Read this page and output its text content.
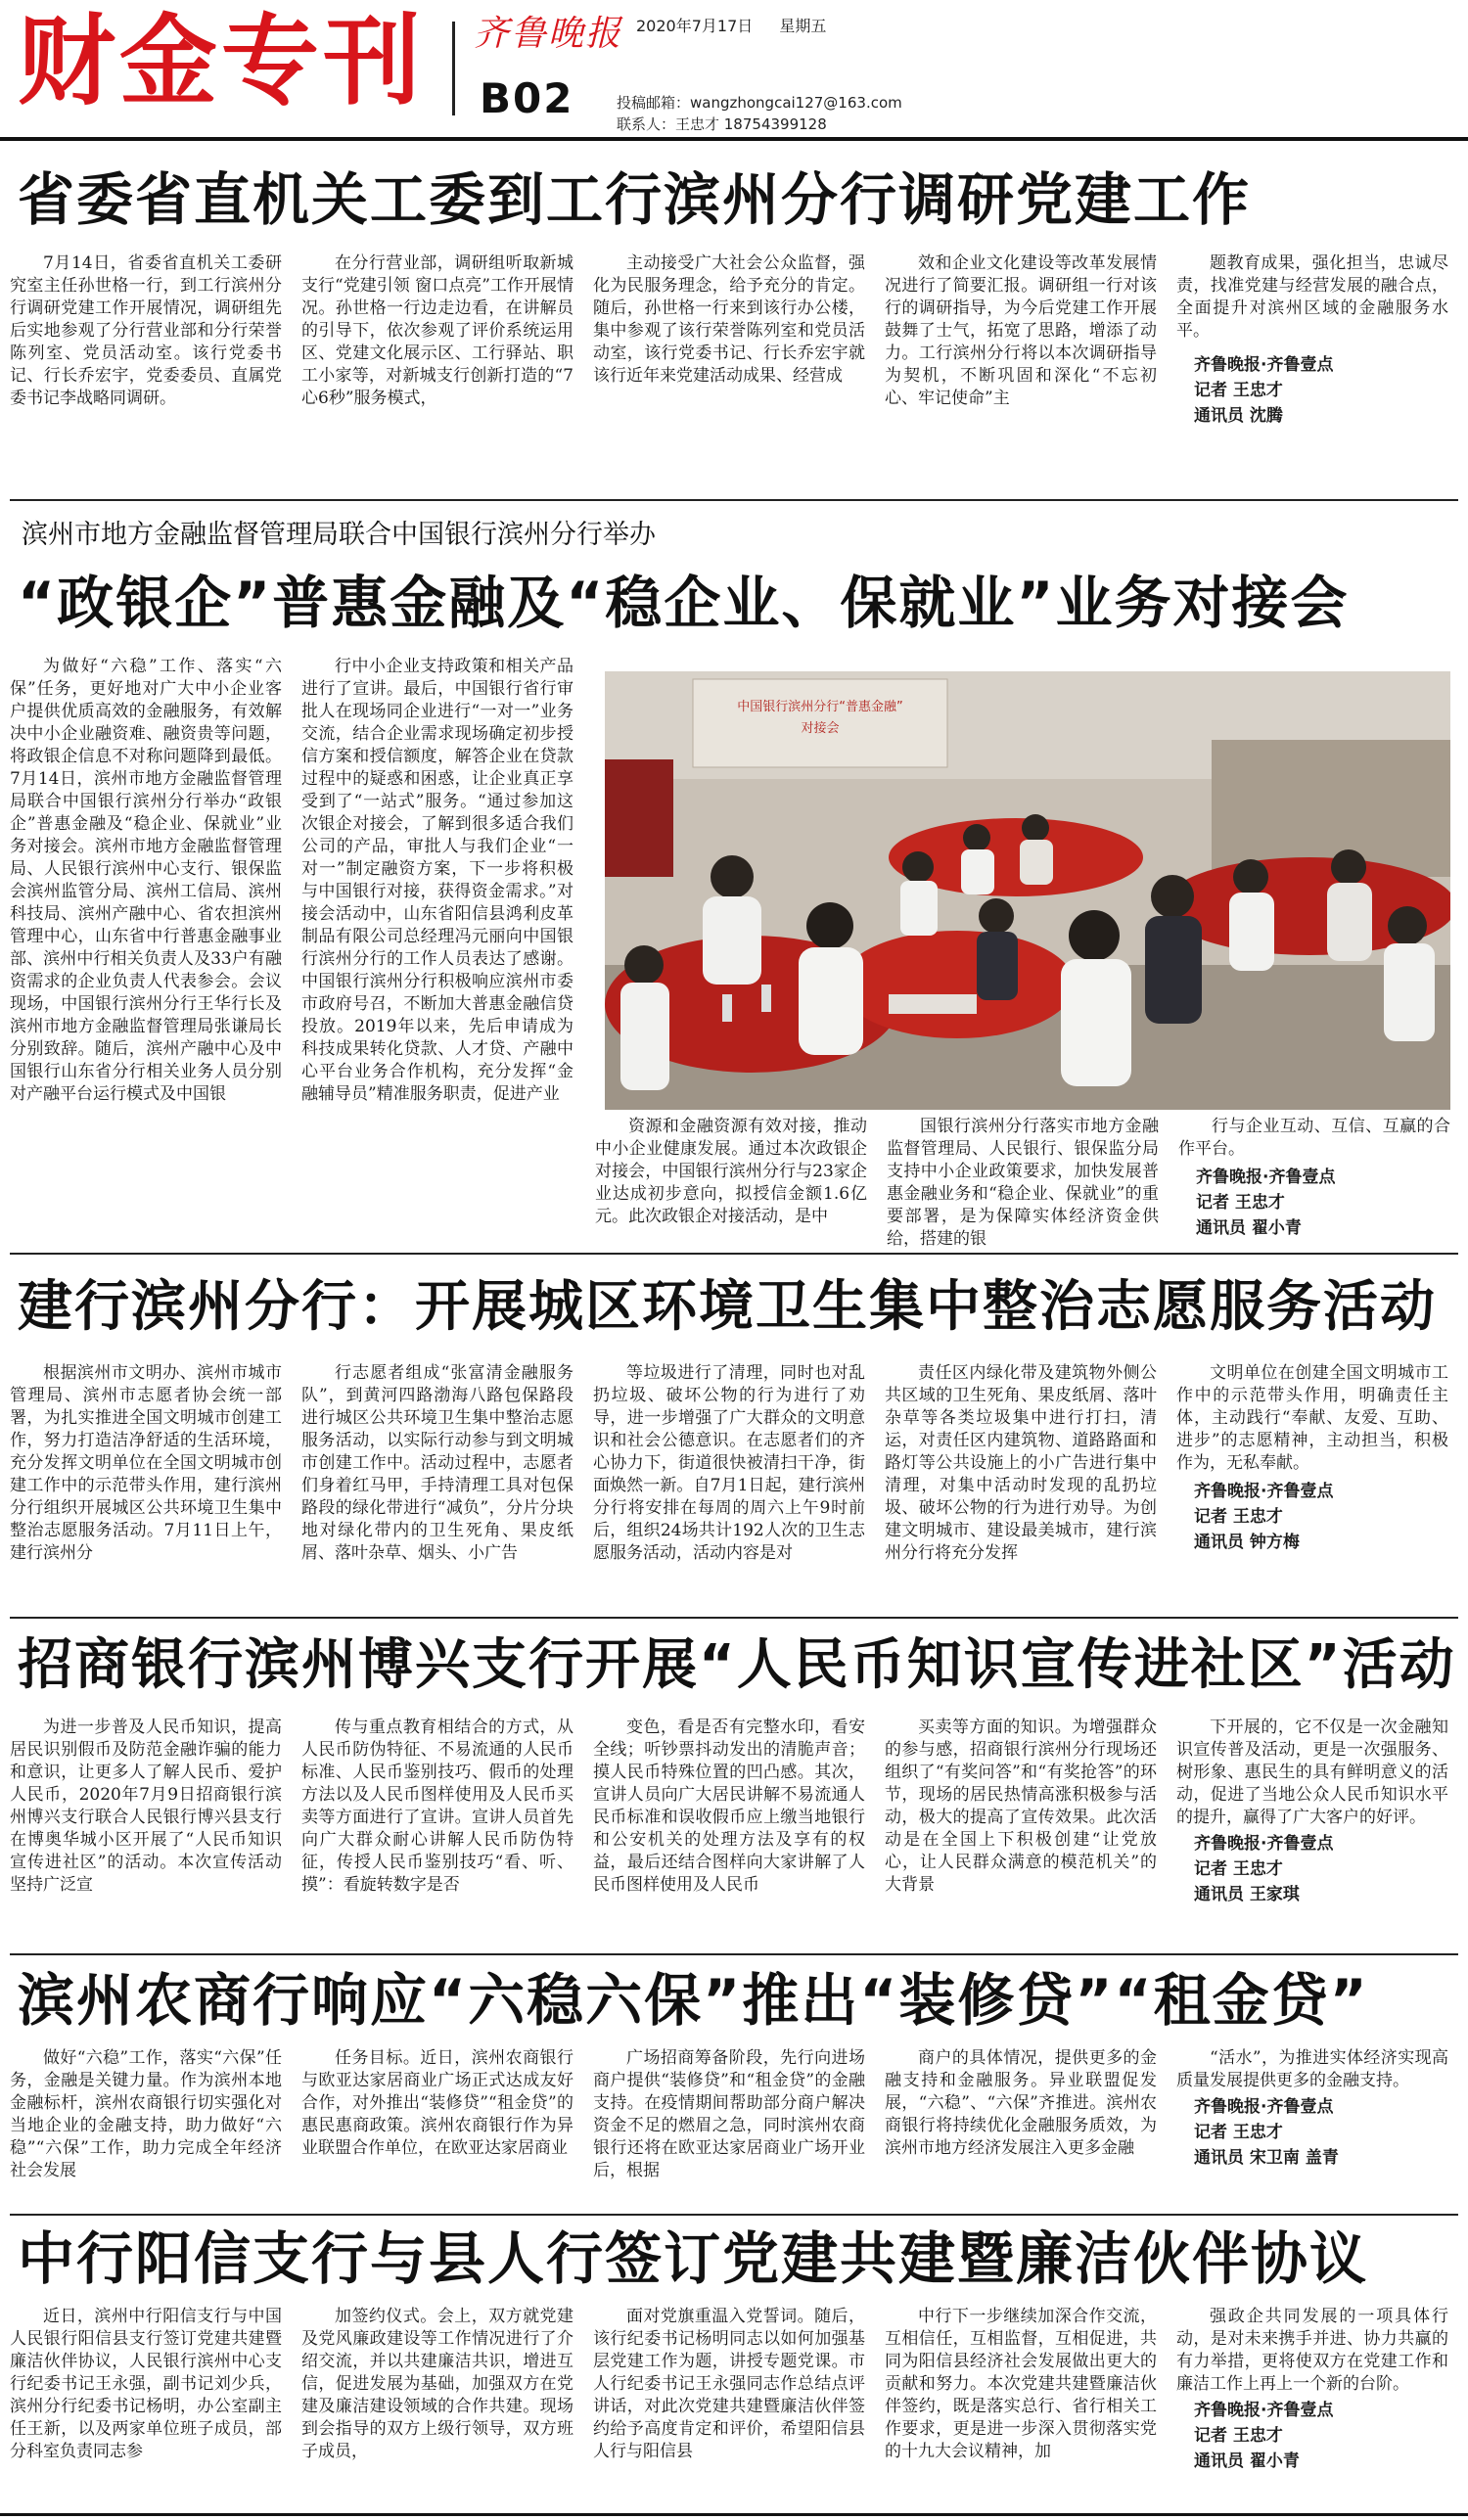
财金专刊 齐鲁晚报
B02
2020年7月17日 星期五
投稿邮箱：wangzhongcai127@163.com
联系人：王忠才 18754399128
省委省直机关工委到工行滨州分行调研党建工作

7月14日，省委省直机关工委研究室主任孙世格一行，到工行滨州分行调研党建工作开展情况，调研组先后实地参观了分行营业部和分行荣誉陈列室、党员活动室。该行党委书记、行长乔宏宇，党委委员、直属党委书记李战略同调研。

在分行营业部，调研组听取新城支行“党建引领 窗口点亮”工作开展情况。孙世格一行边走边看，在讲解员的引导下，依次参观了评价系统运用区、党建文化展示区、工行驿站、职工小家等，对新城支行创新打造的“7心6秒”服务模式，

主动接受广大社会公众监督，强化为民服务理念，给予充分的肯定。随后，孙世格一行来到该行办公楼，集中参观了该行荣誉陈列室和党员活动室，该行党委书记、行长乔宏宇就该行近年来党建活动成果、经营成

效和企业文化建设等改革发展情况进行了简要汇报。调研组一行对该行的调研指导，为今后党建工作开展鼓舞了士气，拓宽了思路，增添了动力。工行滨州分行将以本次调研指导为契机，不断巩固和深化“不忘初心、牢记使命”主

题教育成果，强化担当，忠诚尽责，找准党建与经营发展的融合点，全面提升对滨州区域的金融服务水平。

齐鲁晚报·齐鲁壹点
记者 王忠才
通讯员 沈腾
滨州市地方金融监督管理局联合中国银行滨州分行举办
“政银企”普惠金融及“稳企业、保就业”业务对接会

为做好“六稳”工作、落实“六保”任务，更好地对广大中小企业客户提供优质高效的金融服务，有效解决中小企业融资难、融资贵等问题，将政银企信息不对称问题降到最低。7月14日，滨州市地方金融监督管理局联合中国银行滨州分行举办“政银企”普惠金融及“稳企业、保就业”业务对接会。滨州市地方金融监督管理局、人民银行滨州中心支行、银保监会滨州监管分局、滨州工信局、滨州科技局、滨州产融中心、省农担滨州管理中心，山东省中行普惠金融事业部、滨州中行相关负责人及33户有融资需求的企业负责人代表参会。会议现场，中国银行滨州分行王华行长及滨州市地方金融监督管理局张谦局长分别致辞。随后，滨州产融中心及中国银行山东省分行相关业务人员分别对产融平台运行模式及中国银

行中小企业支持政策和相关产品进行了宣讲。最后，中国银行省行审批人在现场同企业进行“一对一”业务交流，结合企业需求现场确定初步授信方案和授信额度，解答企业在贷款过程中的疑惑和困惑，让企业真正享受到了“一站式”服务。“通过参加这次银企对接会，了解到很多适合我们公司的产品，审批人与我们企业“一对一”制定融资方案，下一步将积极与中国银行对接，获得资金需求。”对接会活动中，山东省阳信县鸿利皮革制品有限公司总经理冯元丽向中国银行滨州分行的工作人员表达了感谢。中国银行滨州分行积极响应滨州市委市政府号召，不断加大普惠金融信贷投放。2019年以来，先后申请成为科技成果转化贷款、人才贷、产融中心平台业务合作机构，充分发挥“金融辅导员”精准服务职责，促进产业

中国银行滨州分行“普惠金融”
对接会

资源和金融资源有效对接，推动中小企业健康发展。通过本次政银企对接会，中国银行滨州分行与23家企业达成初步意向，拟授信金额1.6亿元。此次政银企对接活动，是中

国银行滨州分行落实市地方金融监督管理局、人民银行、银保监分局支持中小企业政策要求，加快发展普惠金融业务和“稳企业、保就业”的重要部署，是为保障实体经济资金供给，搭建的银

行与企业互动、互信、互赢的合作平台。

齐鲁晚报·齐鲁壹点
记者 王忠才
通讯员 翟小青
建行滨州分行：开展城区环境卫生集中整治志愿服务活动

根据滨州市文明办、滨州市城市管理局、滨州市志愿者协会统一部署，为扎实推进全国文明城市创建工作，努力打造洁净舒适的生活环境，充分发挥文明单位在全国文明城市创建工作中的示范带头作用，建行滨州分行组织开展城区公共环境卫生集中整治志愿服务活动。7月11日上午，建行滨州分

行志愿者组成“张富清金融服务队”，到黄河四路渤海八路包保路段进行城区公共环境卫生集中整治志愿服务活动，以实际行动参与到文明城市创建工作中。活动过程中，志愿者们身着红马甲，手持清理工具对包保路段的绿化带进行“减负”，分片分块地对绿化带内的卫生死角、果皮纸屑、落叶杂草、烟头、小广告

等垃圾进行了清理，同时也对乱扔垃圾、破坏公物的行为进行了劝导，进一步增强了广大群众的文明意识和社会公德意识。在志愿者们的齐心协力下，街道很快被清扫干净，街面焕然一新。自7月1日起，建行滨州分行将安排在每周的周六上午9时前后，组织24场共计192人次的卫生志愿服务活动，活动内容是对

责任区内绿化带及建筑物外侧公共区域的卫生死角、果皮纸屑、落叶杂草等各类垃圾集中进行打扫，清运，对责任区内建筑物、道路路面和路灯等公共设施上的小广告进行集中清理，对集中活动时发现的乱扔垃圾、破坏公物的行为进行劝导。为创建文明城市、建设最美城市，建行滨州分行将充分发挥

文明单位在创建全国文明城市工作中的示范带头作用，明确责任主体，主动践行“奉献、友爱、互助、进步”的志愿精神，主动担当，积极作为，无私奉献。

齐鲁晚报·齐鲁壹点
记者 王忠才
通讯员 钟方梅
招商银行滨州博兴支行开展“人民币知识宣传进社区”活动

为进一步普及人民币知识，提高居民识别假币及防范金融诈骗的能力和意识，让更多人了解人民币、爱护人民币，2020年7月9日招商银行滨州博兴支行联合人民银行博兴县支行在博奥华城小区开展了“人民币知识宣传进社区”的活动。本次宣传活动坚持广泛宣

传与重点教育相结合的方式，从人民币防伪特征、不易流通的人民币标准、人民币鉴别技巧、假币的处理方法以及人民币图样使用及人民币买卖等方面进行了宣讲。宣讲人员首先向广大群众耐心讲解人民币防伪特征，传授人民币鉴别技巧“看、听、摸”：看旋转数字是否

变色，看是否有完整水印，看安全线；听钞票抖动发出的清脆声音；摸人民币特殊位置的凹凸感。其次，宣讲人员向广大居民讲解不易流通人民币标准和误收假币应上缴当地银行和公安机关的处理方法及享有的权益，最后还结合图样向大家讲解了人民币图样使用及人民币

买卖等方面的知识。为增强群众的参与感，招商银行滨州分行现场还组织了“有奖问答”和“有奖抢答”的环节，现场的居民热情高涨积极参与活动，极大的提高了宣传效果。此次活动是在全国上下积极创建“让党放心，让人民群众满意的模范机关”的大背景

下开展的，它不仅是一次金融知识宣传普及活动，更是一次强服务、树形象、惠民生的具有鲜明意义的活动，促进了当地公众人民币知识水平的提升，赢得了广大客户的好评。

齐鲁晚报·齐鲁壹点
记者 王忠才
通讯员 王家琪
滨州农商行响应“六稳六保”推出“装修贷”“租金贷”

做好“六稳”工作，落实“六保”任务，金融是关键力量。作为滨州本地金融标杆，滨州农商银行切实强化对当地企业的金融支持，助力做好“六稳”“六保”工作，助力完成全年经济社会发展

任务目标。近日，滨州农商银行与欧亚达家居商业广场正式达成友好合作，对外推出“装修贷”“租金贷”的惠民惠商政策。滨州农商银行作为异业联盟合作单位，在欧亚达家居商业

广场招商筹备阶段，先行向进场商户提供“装修贷”和“租金贷”的金融支持。在疫情期间帮助部分商户解决资金不足的燃眉之急，同时滨州农商银行还将在欧亚达家居商业广场开业后，根据

商户的具体情况，提供更多的金融支持和金融服务。异业联盟促发展，“六稳”、“六保”齐推进。滨州农商银行将持续优化金融服务质效，为滨州市地方经济发展注入更多金融

“活水”，为推进实体经济实现高质量发展提供更多的金融支持。

齐鲁晚报·齐鲁壹点
记者 王忠才
通讯员 宋卫南 盖青
中行阳信支行与县人行签订党建共建暨廉洁伙伴协议

近日，滨州中行阳信支行与中国人民银行阳信县支行签订党建共建暨廉洁伙伴协议，人民银行滨州中心支行纪委书记王永强，副书记刘少兵，滨州分行纪委书记杨明，办公室副主任王新，以及两家单位班子成员，部分科室负责同志参

加签约仪式。会上，双方就党建及党风廉政建设等工作情况进行了介绍交流，并以共建廉洁共识，增进互信，促进发展为基础，加强双方在党建及廉洁建设领域的合作共建。现场到会指导的双方上级行领导，双方班子成员，

面对党旗重温入党誓词。随后，该行纪委书记杨明同志以如何加强基层党建工作为题，讲授专题党课。市人行纪委书记王永强同志作总结点评讲话，对此次党建共建暨廉洁伙伴签约给予高度肯定和评价，希望阳信县人行与阳信县

中行下一步继续加深合作交流，互相信任，互相监督，互相促进，共同为阳信县经济社会发展做出更大的贡献和努力。本次党建共建暨廉洁伙伴签约，既是落实总行、省行相关工作要求，更是进一步深入贯彻落实党的十九大会议精神，加

强政企共同发展的一项具体行动，是对未来携手并进、协力共赢的有力举措，更将使双方在党建工作和廉洁工作上再上一个新的台阶。

齐鲁晚报·齐鲁壹点
记者 王忠才
通讯员 翟小青
